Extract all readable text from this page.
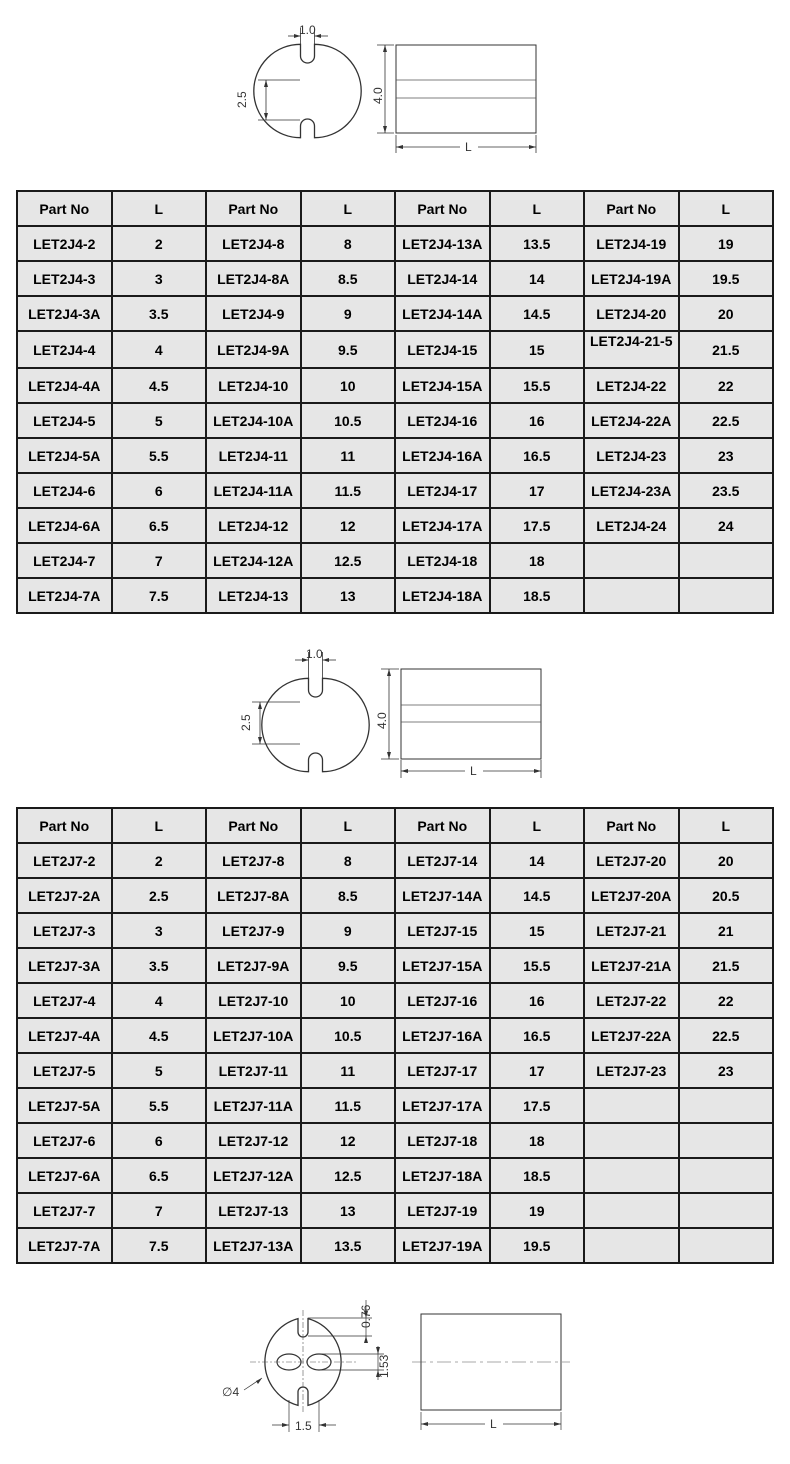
1.0
2.5	4.0
L
Part No	L	Part No	L	Part No	L	Part No	L
LET2J4-2	2	LET2J4-8	8	LET2J4-13A	13.5	LET2J4-19	19
LET2J4-3	3	LET2J4-8A	8.5	LET2J4-14	14	LET2J4-19A	19.5
LET2J4-3A	3.5	LET2J4-9	9	LET2J4-14A	14.5	LET2J4-20	20
LET2J4-4	4	LET2J4-9A	9.5	LET2J4-15	15	LET2J4-21-5	21.5
LET2J4-4A	4.5	LET2J4-10	10	LET2J4-15A	15.5	LET2J4-22	22
LET2J4-5	5	LET2J4-10A	10.5	LET2J4-16	16	LET2J4-22A	22.5
LET2J4-5A	5.5	LET2J4-11	11	LET2J4-16A	16.5	LET2J4-23	23
LET2J4-6	6	LET2J4-11A	11.5	LET2J4-17	17	LET2J4-23A	23.5
LET2J4-6A	6.5	LET2J4-12	12	LET2J4-17A	17.5	LET2J4-24	24
LET2J4-7	7	LET2J4-12A	12.5	LET2J4-18	18		
LET2J4-7A	7.5	LET2J4-13	13	LET2J4-18A	18.5		
1.0
2.5	4.0
L
Part No	L	Part No	L	Part No	L	Part No	L
LET2J7-2	2	LET2J7-8	8	LET2J7-14	14	LET2J7-20	20
LET2J7-2A	2.5	LET2J7-8A	8.5	LET2J7-14A	14.5	LET2J7-20A	20.5
LET2J7-3	3	LET2J7-9	9	LET2J7-15	15	LET2J7-21	21
LET2J7-3A	3.5	LET2J7-9A	9.5	LET2J7-15A	15.5	LET2J7-21A	21.5
LET2J7-4	4	LET2J7-10	10	LET2J7-16	16	LET2J7-22	22
LET2J7-4A	4.5	LET2J7-10A	10.5	LET2J7-16A	16.5	LET2J7-22A	22.5
LET2J7-5	5	LET2J7-11	11	LET2J7-17	17	LET2J7-23	23
LET2J7-5A	5.5	LET2J7-11A	11.5	LET2J7-17A	17.5		
LET2J7-6	6	LET2J7-12	12	LET2J7-18	18		
LET2J7-6A	6.5	LET2J7-12A	12.5	LET2J7-18A	18.5		
LET2J7-7	7	LET2J7-13	13	LET2J7-19	19		
LET2J7-7A	7.5	LET2J7-13A	13.5	LET2J7-19A	19.5		
0.76
1.53
∅4
1.5	L
